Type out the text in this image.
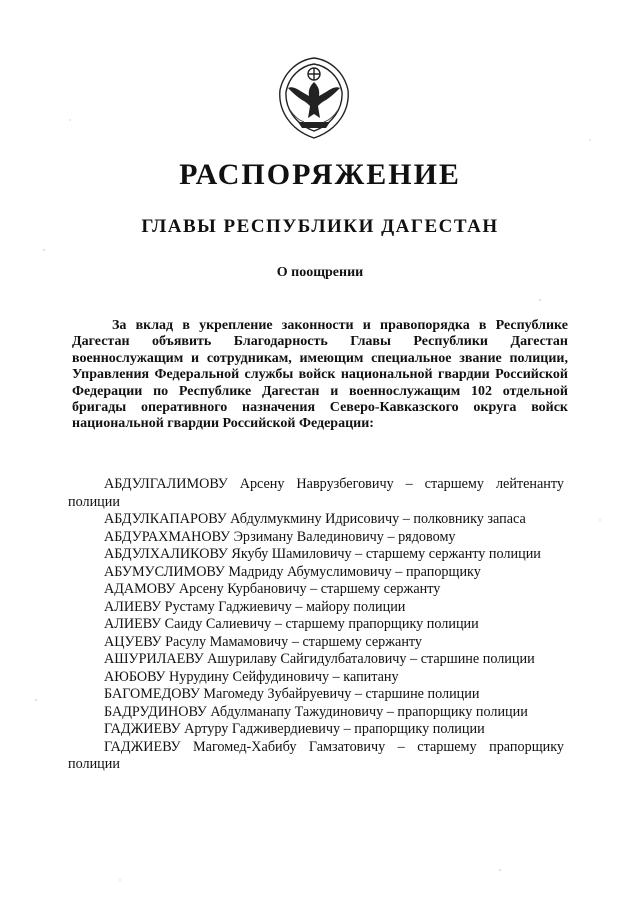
РАСПОРЯЖЕНИЕ
ГЛАВЫ РЕСПУБЛИКИ ДАГЕСТАН
О поощрении
За вклад в укрепление законности и правопорядка в Республике Дагестан объявить Благодарность Главы Республики Дагестан военнослужащим и сотрудникам, имеющим специальное звание полиции, Управления Федеральной службы войск национальной гвардии Российской Федерации по Республике Дагестан и военнослужащим 102 отдельной бригады оперативного назначения Северо-Кавказского округа войск национальной гвардии Российской Федерации:
АБДУЛГАЛИМОВУ Арсену Наврузбеговичу – старшему лейтенанту полиции
АБДУЛКАПАРОВУ Абдулмукмину Идрисовичу – полковнику запаса
АБДУРАХМАНОВУ Эрзиману Валединовичу – рядовому
АБДУЛХАЛИКОВУ Якубу Шамиловичу – старшему сержанту полиции
АБУМУСЛИМОВУ Мадриду Абумуслимовичу – прапорщику
АДАМОВУ Арсену Курбановичу – старшему сержанту
АЛИЕВУ Рустаму Гаджиевичу – майору полиции
АЛИЕВУ Саиду Салиевичу – старшему прапорщику полиции
АЦУЕВУ Расулу Мамамовичу – старшему сержанту
АШУРИЛАЕВУ Ашурилаву Сайгидулбаталовичу – старшине полиции
АЮБОВУ Нурудину Сейфудиновичу – капитану
БАГОМЕДОВУ Магомеду Зубайруевичу – старшине полиции
БАДРУДИНОВУ Абдулманапу Тажудиновичу – прапорщику полиции
ГАДЖИЕВУ Артуру Гадживердиевичу – прапорщику полиции
ГАДЖИЕВУ Магомед-Хабибу Гамзатовичу – старшему прапорщику полиции
